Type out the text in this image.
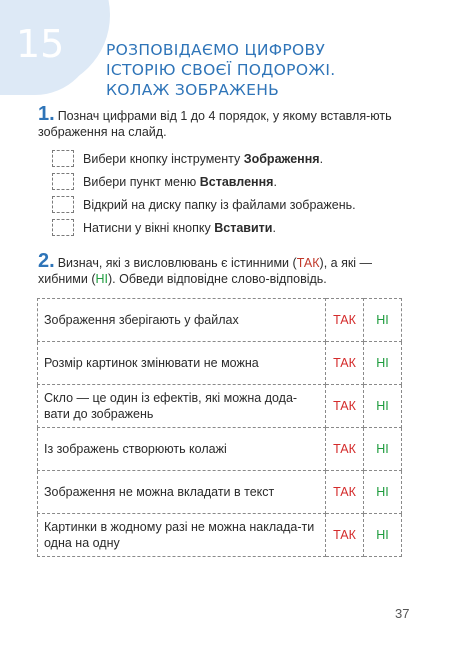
15	РОЗПОВІДАЄМО ЦИФРОВУ
ІСТОРІЮ СВОЄЇ ПОДОРОЖІ.
КОЛАЖ ЗОБРАЖЕНЬ
1. Познач цифрами від 1 до 4 порядок, у якому вставля-ють зображення на слайд.
Вибери кнопку інструменту Зображення.
Вибери пункт меню Вставлення.
Відкрий на диску папку із файлами зображень.
Натисни у вікні кнопку Вставити.
2. Визнач, які з висловлювань є істинними (ТАК), а які — хибними (НІ). Обведи відповідне слово-відповідь.
Зображення зберігають у файлах	ТАК	НІ
Розмір картинок змінювати не можна	ТАК	НІ
Скло — це один із ефектів, які можна дода-вати до зображень	ТАК	НІ
Із зображень створюють колажі	ТАК	НІ
Зображення не можна вкладати в текст	ТАК	НІ
Картинки в жодному разі не можна наклада-ти одна на одну	ТАК	НІ
37
